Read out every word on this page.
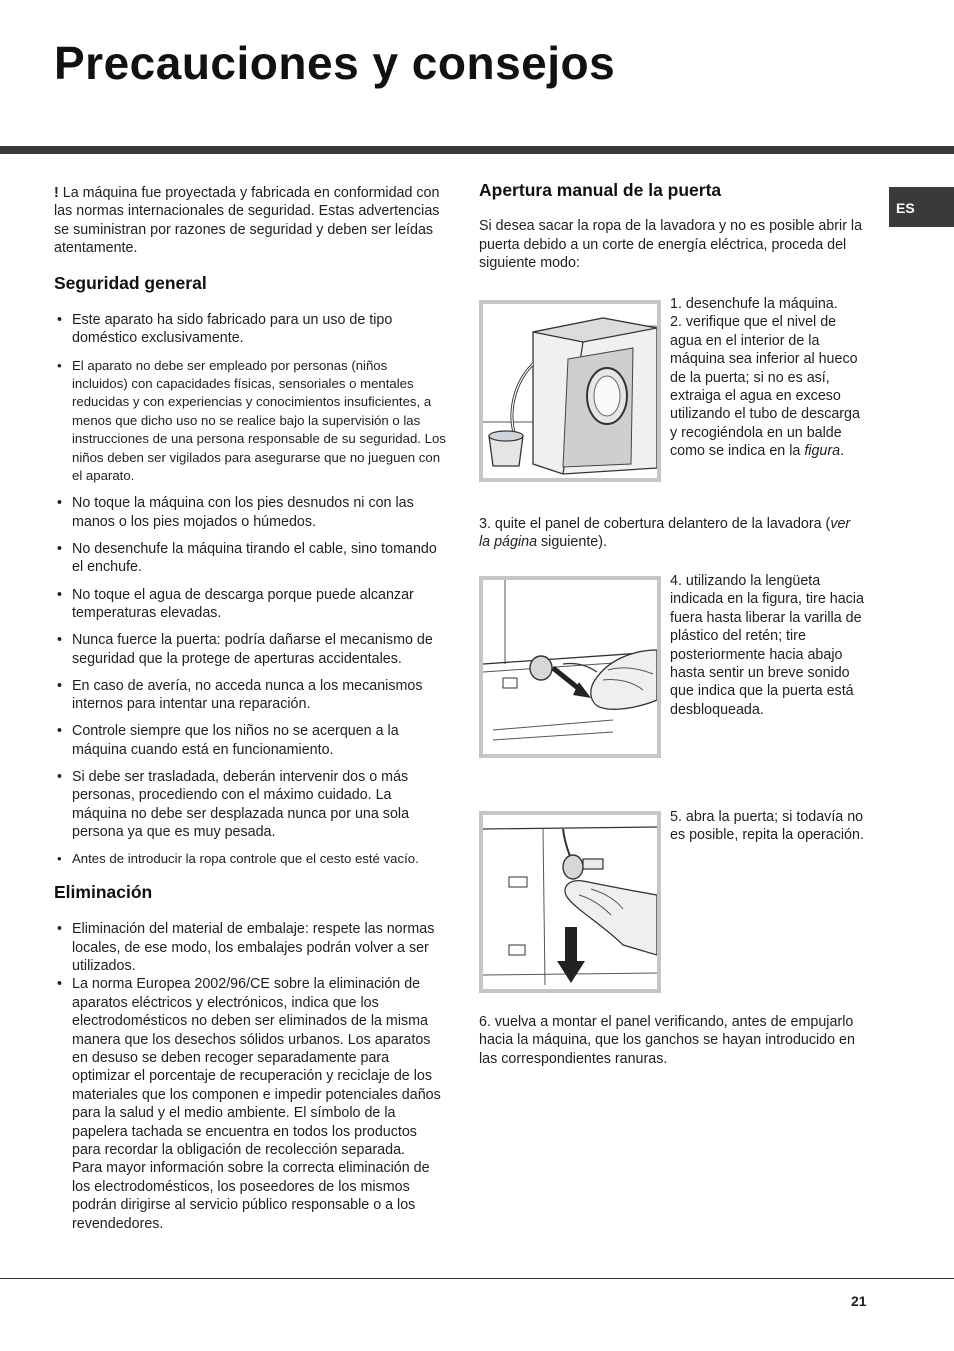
Precauciones y consejos
ES

! La máquina fue proyectada y fabricada en conformidad con las normas internacionales de seguridad. Estas advertencias se suministran por razones de seguridad y deben ser leídas atentamente.

Seguridad general
• Este aparato ha sido fabricado para un uso de tipo doméstico exclusivamente.
• El aparato no debe ser empleado por personas (niños incluidos) con capacidades físicas, sensoriales o mentales reducidas y con experiencias y conocimientos insuficientes, a menos que dicho uso no se realice bajo la supervisión o las instrucciones de una persona responsable de su seguridad. Los niños deben ser vigilados para asegurarse que no jueguen con el aparato.
• No toque la máquina con los pies desnudos ni con las manos o los pies mojados o húmedos.
• No desenchufe la máquina tirando el cable, sino tomando el enchufe.
• No toque el agua de descarga porque puede alcanzar temperaturas elevadas.
• Nunca fuerce la puerta: podría dañarse el mecanismo de seguridad que la protege de aperturas accidentales.
• En caso de avería, no acceda nunca a los mecanismos internos para intentar una reparación.
• Controle siempre que los niños no se acerquen a la máquina cuando está en funcionamiento.
• Si debe ser trasladada, deberán intervenir dos o más personas, procediendo con el máximo cuidado. La máquina no debe ser desplazada nunca por una sola persona ya que es muy pesada.
• Antes de introducir la ropa controle que el cesto esté vacío.
Eliminación
• Eliminación del material de embalaje: respete las normas locales, de ese modo, los embalajes podrán volver a ser utilizados.
• La norma Europea 2002/96/CE sobre la eliminación de aparatos eléctricos y electrónicos, indica que los electrodomésticos no deben ser eliminados de la misma manera que los desechos sólidos urbanos. Los aparatos en desuso se deben recoger separadamente para optimizar el porcentaje de recuperación y reciclaje de los materiales que los componen e impedir potenciales daños para la salud y el medio ambiente. El símbolo de la papelera tachada se encuentra en todos los productos para recordar la obligación de recolección separada.
Para mayor información sobre la correcta eliminación de los electrodomésticos, los poseedores de los mismos podrán dirigirse al servicio público responsable o a los revendedores.
Apertura manual de la puerta

Si desea sacar la ropa de la lavadora y no es posible abrir la puerta debido a un corte de energía eléctrica, proceda del siguiente modo:

1. desenchufe la máquina.

2. verifique que el nivel de agua en el interior de la máquina sea inferior al hueco de la puerta; si no es así, extraiga el agua en exceso utilizando el tubo de descarga y recogiéndola en un balde como se indica en la figura.

3. quite el panel de cobertura delantero de la lavadora (ver la página siguiente).

4. utilizando la lengüeta indicada en la figura, tire hacia fuera hasta liberar la varilla de plástico del retén; tire posteriormente hacia abajo hasta sentir un breve sonido que indica que la puerta está desbloqueada.

5. abra la puerta; si todavía no es posible, repita la operación.

6. vuelva a montar el panel verificando, antes de empujarlo hacia la máquina, que los ganchos se hayan introducido en las correspondientes ranuras.

21
